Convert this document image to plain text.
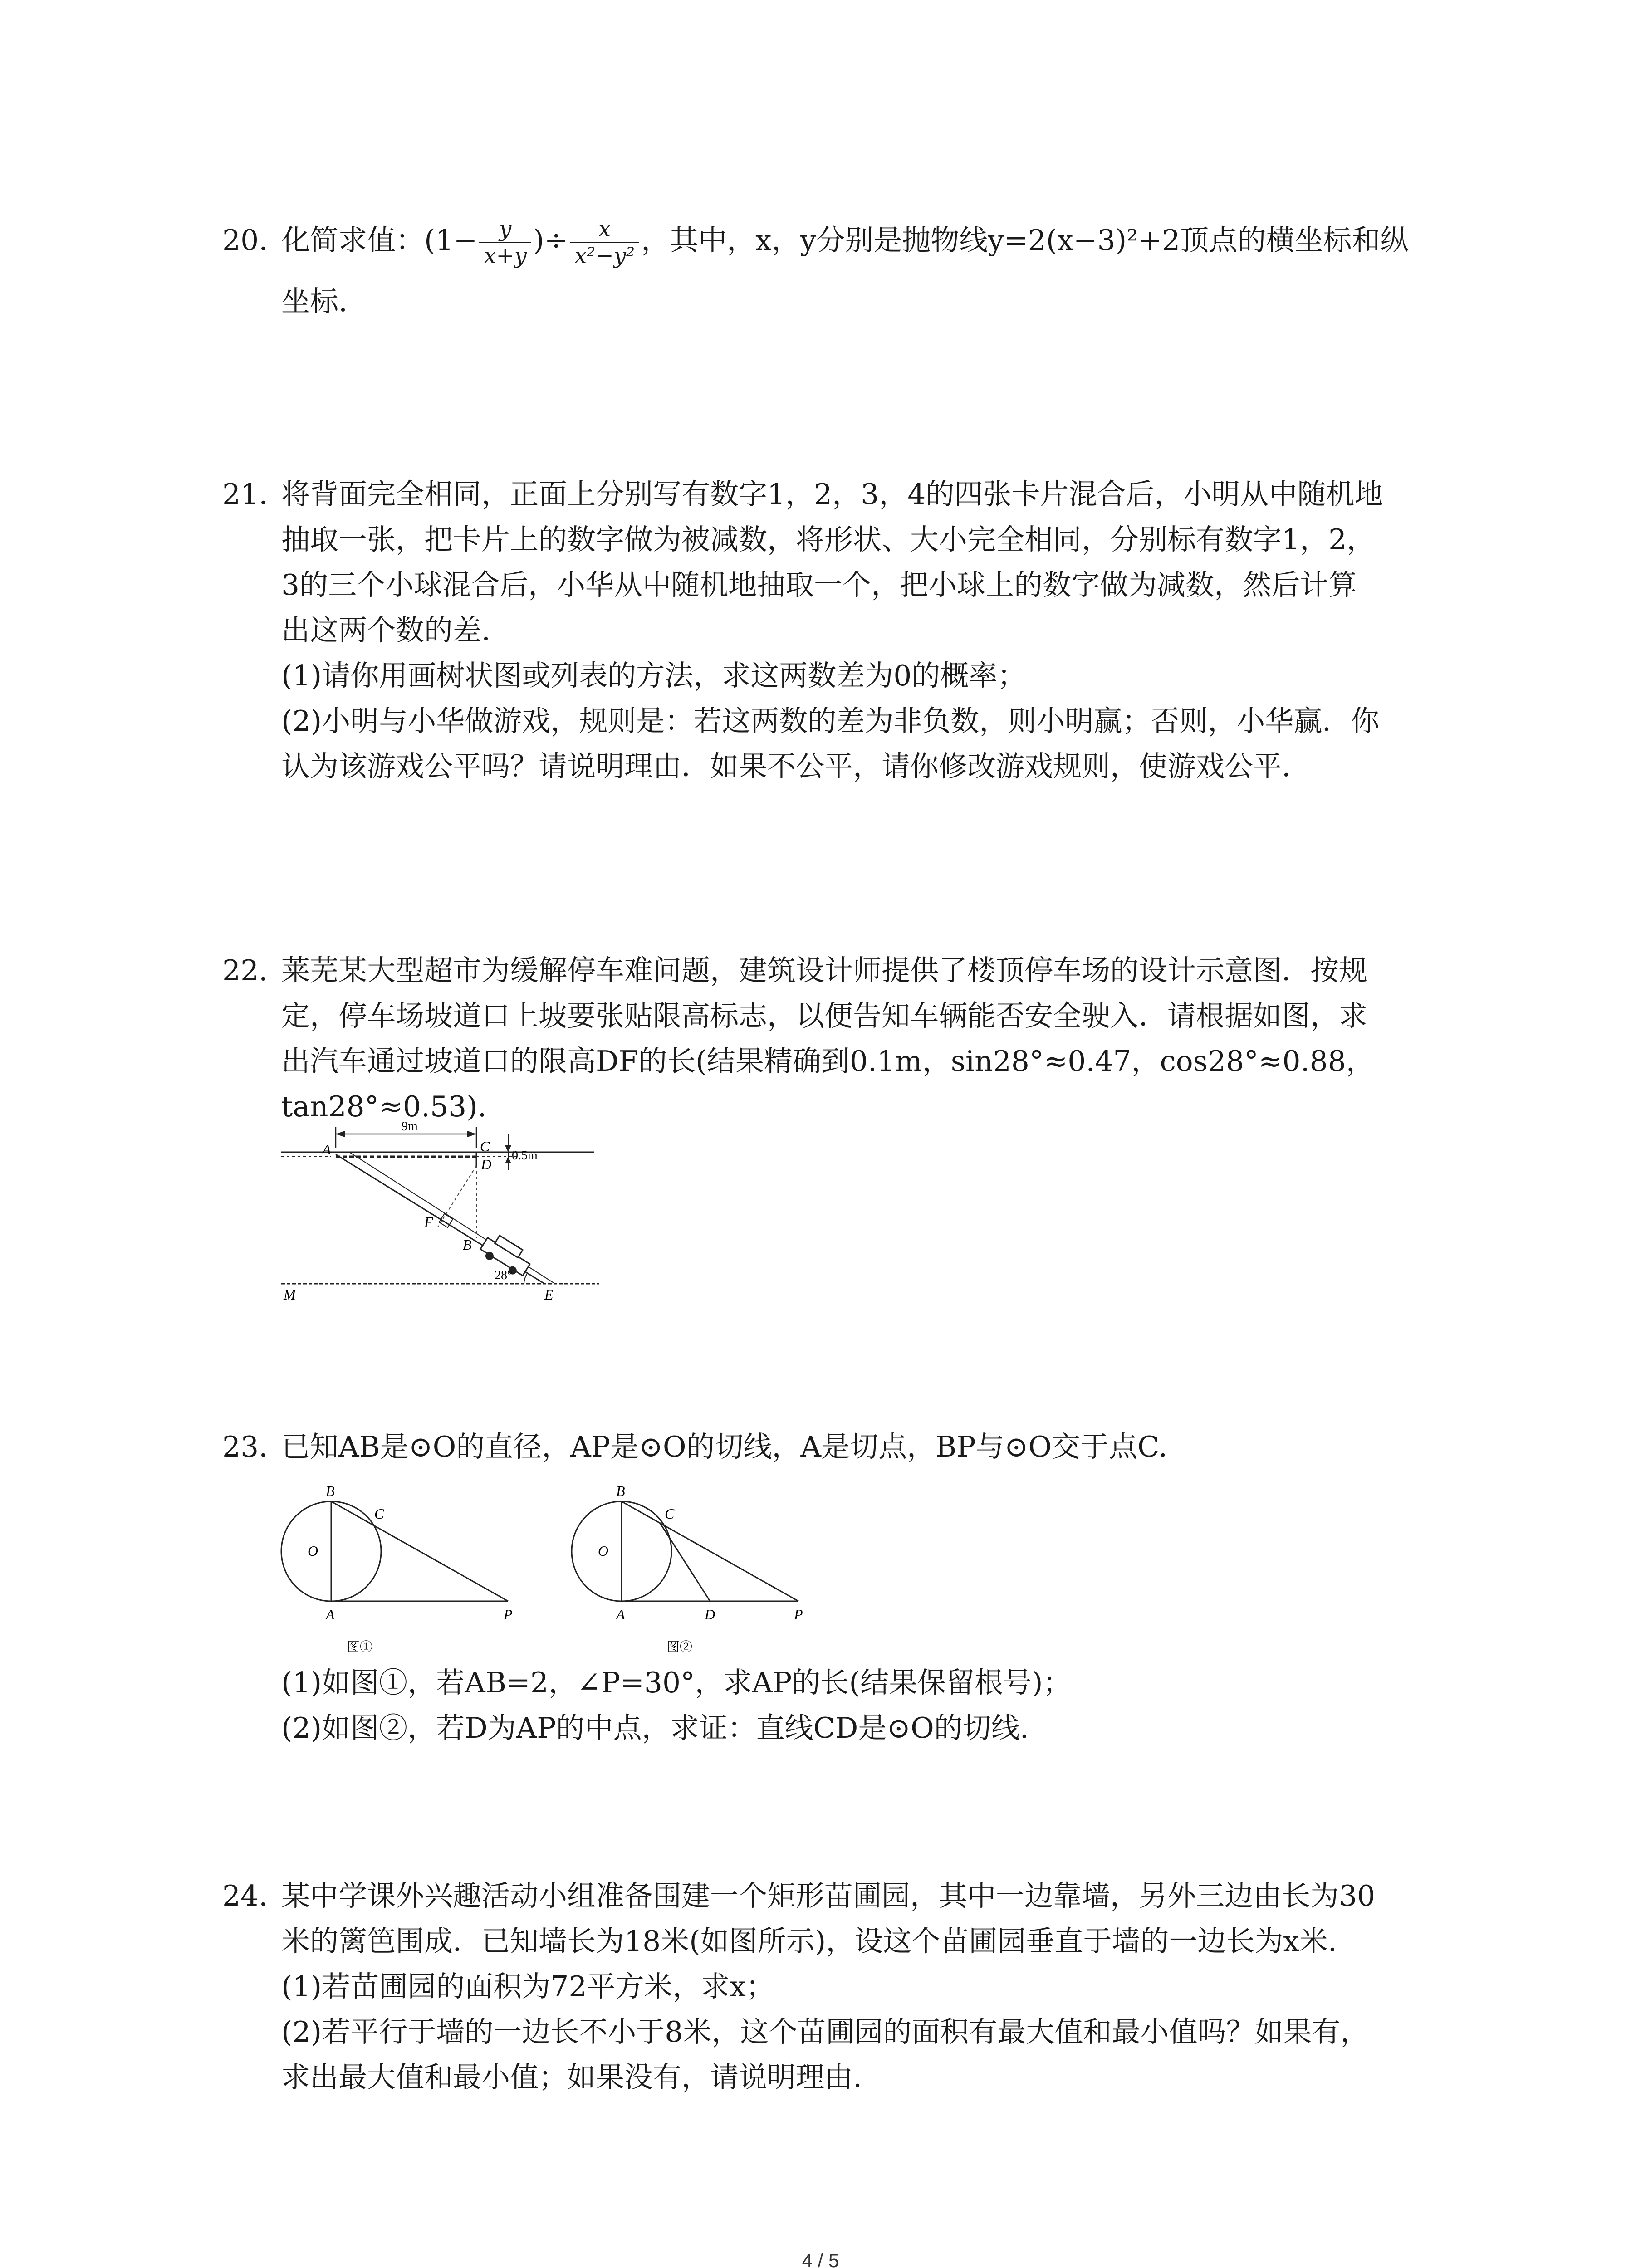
20. 化简求值：($1- \frac{y}{x+y}$ )÷ $\frac{x}{\text{x²−y²}}$ ，其中，x，y分别是抛物线y=2(x−3)²+2顶点的横坐标和纵
坐标.
21. 将背面完全相同，正面上分别写有数字1，2，3，4的四张卡片混合后，小明从中随机地
抽取一张，把卡片上的数字做为被减数，将形状、大小完全相同，分别标有数字1，2，
3的三个小球混合后，小华从中随机地抽取一个，把小球上的数字做为减数，然后计算
出这两个数的差.
(1)请你用画树状图或列表的方法，求这两数差为0的概率；
(2)小明与小华做游戏，规则是：若这两数的差为非负数，则小明赢；否则，小华赢．你
认为该游戏公平吗？请说明理由．如果不公平，请你修改游戏规则，使游戏公平.
22. 莱芜某大型超市为缓解停车难问题，建筑设计师提供了楼顶停车场的设计示意图．按规
定，停车场坡道口上坡要张贴限高标志，以便告知车辆能否安全驶入．请根据如图，求
出汽车通过坡道口的限高DF的长(结果精确到0.1m，sin28°≈0.47，cos28°≈0.88，
tan28°≈0.53).
9m
0.5m
28°
A	C
D
F
B
M	E
23. 已知AB是⊙O的直径，AP是⊙O的切线，A是切点，BP与⊙O交于点C.
B
C
O
A	P
图①
B
C
O
A	D	P
图②
(1)如图①，若AB=2，∠P=30°，求AP的长(结果保留根号)；
(2)如图②，若D为AP的中点，求证：直线CD是⊙O的切线.
24. 某中学课外兴趣活动小组准备围建一个矩形苗圃园，其中一边靠墙，另外三边由长为30
米的篱笆围成．已知墙长为18米(如图所示)，设这个苗圃园垂直于墙的一边长为x米.
(1)若苗圃园的面积为72平方米，求x；
(2)若平行于墙的一边长不小于8米，这个苗圃园的面积有最大值和最小值吗？如果有，
求出最大值和最小值；如果没有，请说明理由.
4 / 5
